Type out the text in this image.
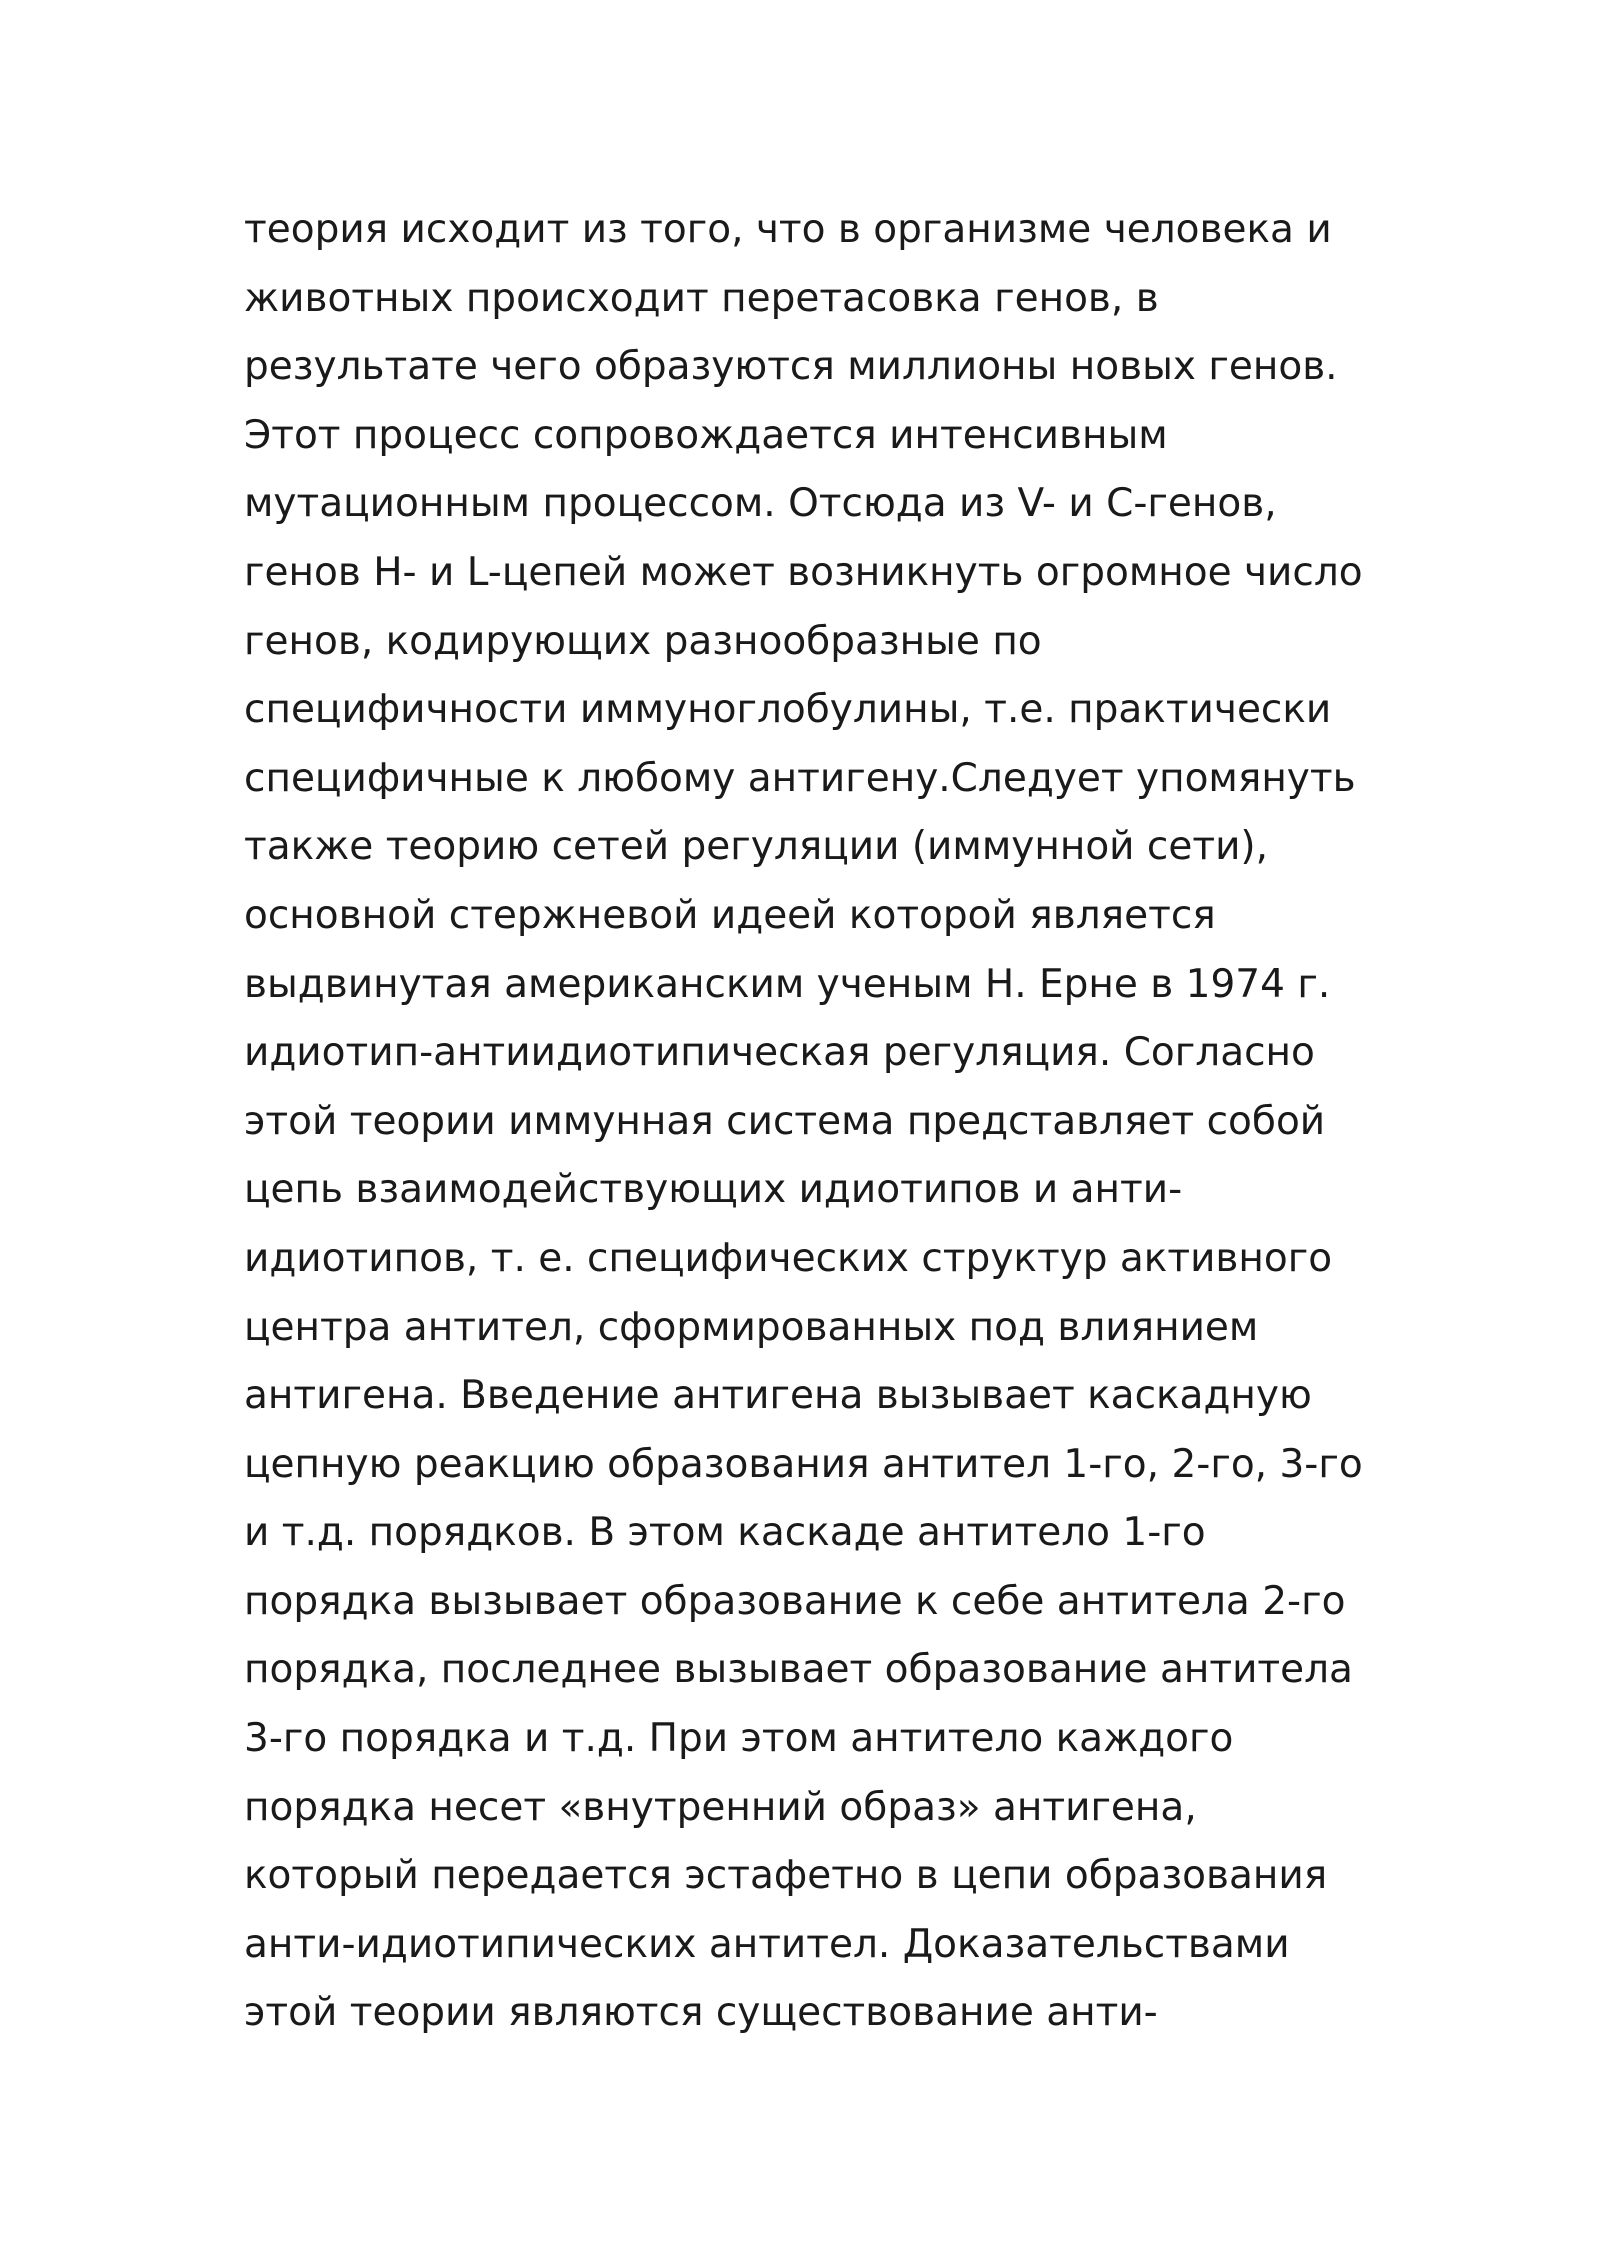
теория исходит из того, что в организме человека и
животных происходит перетасовка генов, в
результате чего образуются миллионы новых генов.
Этот процесс сопровождается интенсивным
мутационным процессом. Отсюда из V- и С-генов,
генов Н- и L-цепей может возникнуть огромное число
генов, кодирующих разнообразные по
специфичности иммуноглобулины, т.е. практически
специфичные к любому антигену.Следует упомянуть
также теорию сетей регуляции (иммунной сети),
основной стержневой идеей которой является
выдвинутая американским ученым Н. Ерне в 1974 г.
идиотип-антиидиотипическая регуляция. Согласно
этой теории иммунная система представляет собой
цепь взаимодействующих идиотипов и анти-
идиотипов, т. е. специфических структур активного
центра антител, сформированных под влиянием
антигена. Введение антигена вызывает каскадную
цепную реакцию образования антител 1-го, 2-го, 3-го
и т.д. порядков. В этом каскаде антитело 1-го
порядка вызывает образование к себе антитела 2-го
порядка, последнее вызывает образование антитела
3-го порядка и т.д. При этом антитело каждого
порядка несет «внутренний образ» антигена,
который передается эстафетно в цепи образования
анти-идиотипических антител. Доказательствами
этой теории являются существование анти-
